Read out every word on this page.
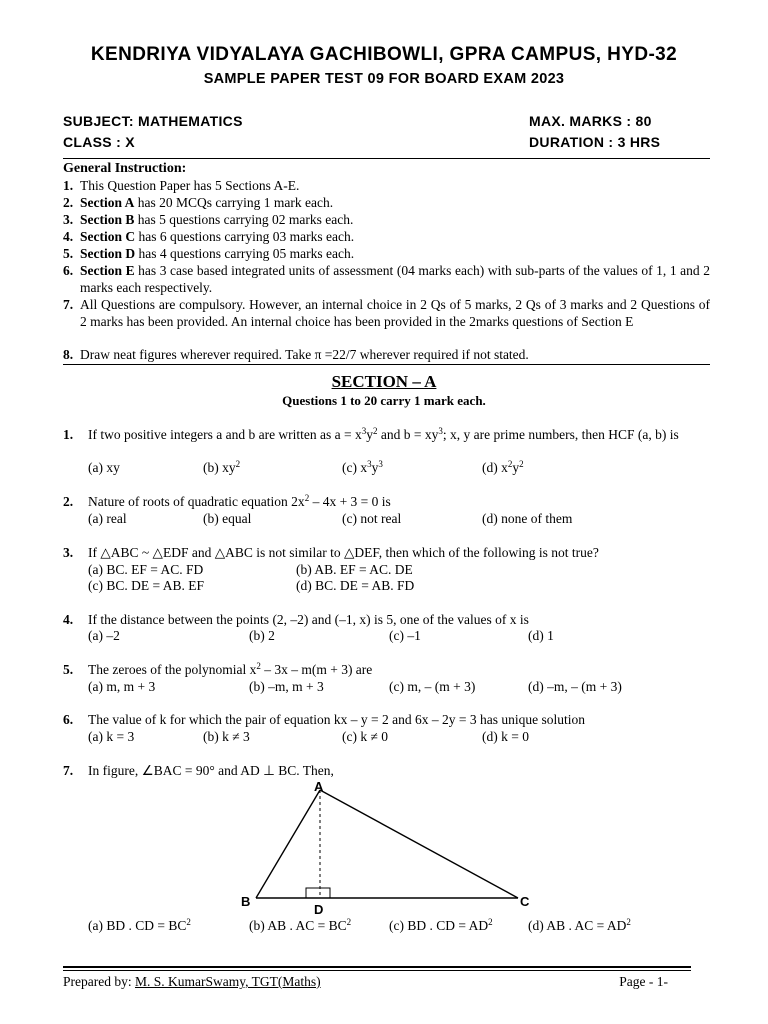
KENDRIYA VIDYALAYA GACHIBOWLI, GPRA CAMPUS, HYD-32
SAMPLE PAPER TEST 09 FOR BOARD EXAM 2023
SUBJECT: MATHEMATICS	MAX. MARKS : 80
CLASS : X	DURATION : 3 HRS
General Instruction:
1. This Question Paper has 5 Sections A-E.
2. Section A has 20 MCQs carrying 1 mark each.
3. Section B has 5 questions carrying 02 marks each.
4. Section C has 6 questions carrying 03 marks each.
5. Section D has 4 questions carrying 05 marks each.
6. Section E has 3 case based integrated units of assessment (04 marks each) with sub-parts of the values of 1, 1 and 2 marks each respectively.
7. All Questions are compulsory. However, an internal choice in 2 Qs of 5 marks, 2 Qs of 3 marks and 2 Questions of 2 marks has been provided. An internal choice has been provided in the 2marks questions of Section E
8. Draw neat figures wherever required. Take π =22/7 wherever required if not stated.
SECTION – A
Questions 1 to 20 carry 1 mark each.
1. If two positive integers a and b are written as $a = x^3y^2$ and $b = xy^3$; x, y are prime numbers, then HCF (a, b) is
(a) xy	(b) $xy^2$	(c) $x^3y^3$	(d) $x^2y^2$
2. Nature of roots of quadratic equation $2x^2 - 4x + 3 = 0$ is
(a) real	(b) equal	(c) not real	(d) none of them
3. If △ABC ~ △EDF and △ABC is not similar to △DEF, then which of the following is not true?
(a) BC. EF = AC. FD	(b) AB. EF = AC. DE
(c) BC. DE = AB. EF	(d) BC. DE = AB. FD
4. If the distance between the points (2, –2) and (–1, x) is 5, one of the values of x is
(a) –2	(b) 2	(c) –1	(d) 1
5. The zeroes of the polynomial $x^2 - 3x - m(m + 3)$ are
(a) m, m + 3	(b) –m, m + 3	(c) m, – (m + 3)	(d) –m, – (m + 3)
6. The value of k for which the pair of equation kx – y = 2 and 6x – 2y = 3 has unique solution
(a) k = 3	(b) k ≠ 3	(c) k ≠ 0	(d) k = 0
7. In figure, ∠BAC = 90° and AD ⊥ BC. Then,
A
B	C
D
(a) BD . CD = $BC^2$	(b) AB . AC = $BC^2$	(c) BD . CD = $AD^2$	(d) AB . AC = $AD^2$
Prepared by: M. S. KumarSwamy, TGT(Maths)	Page - 1-
